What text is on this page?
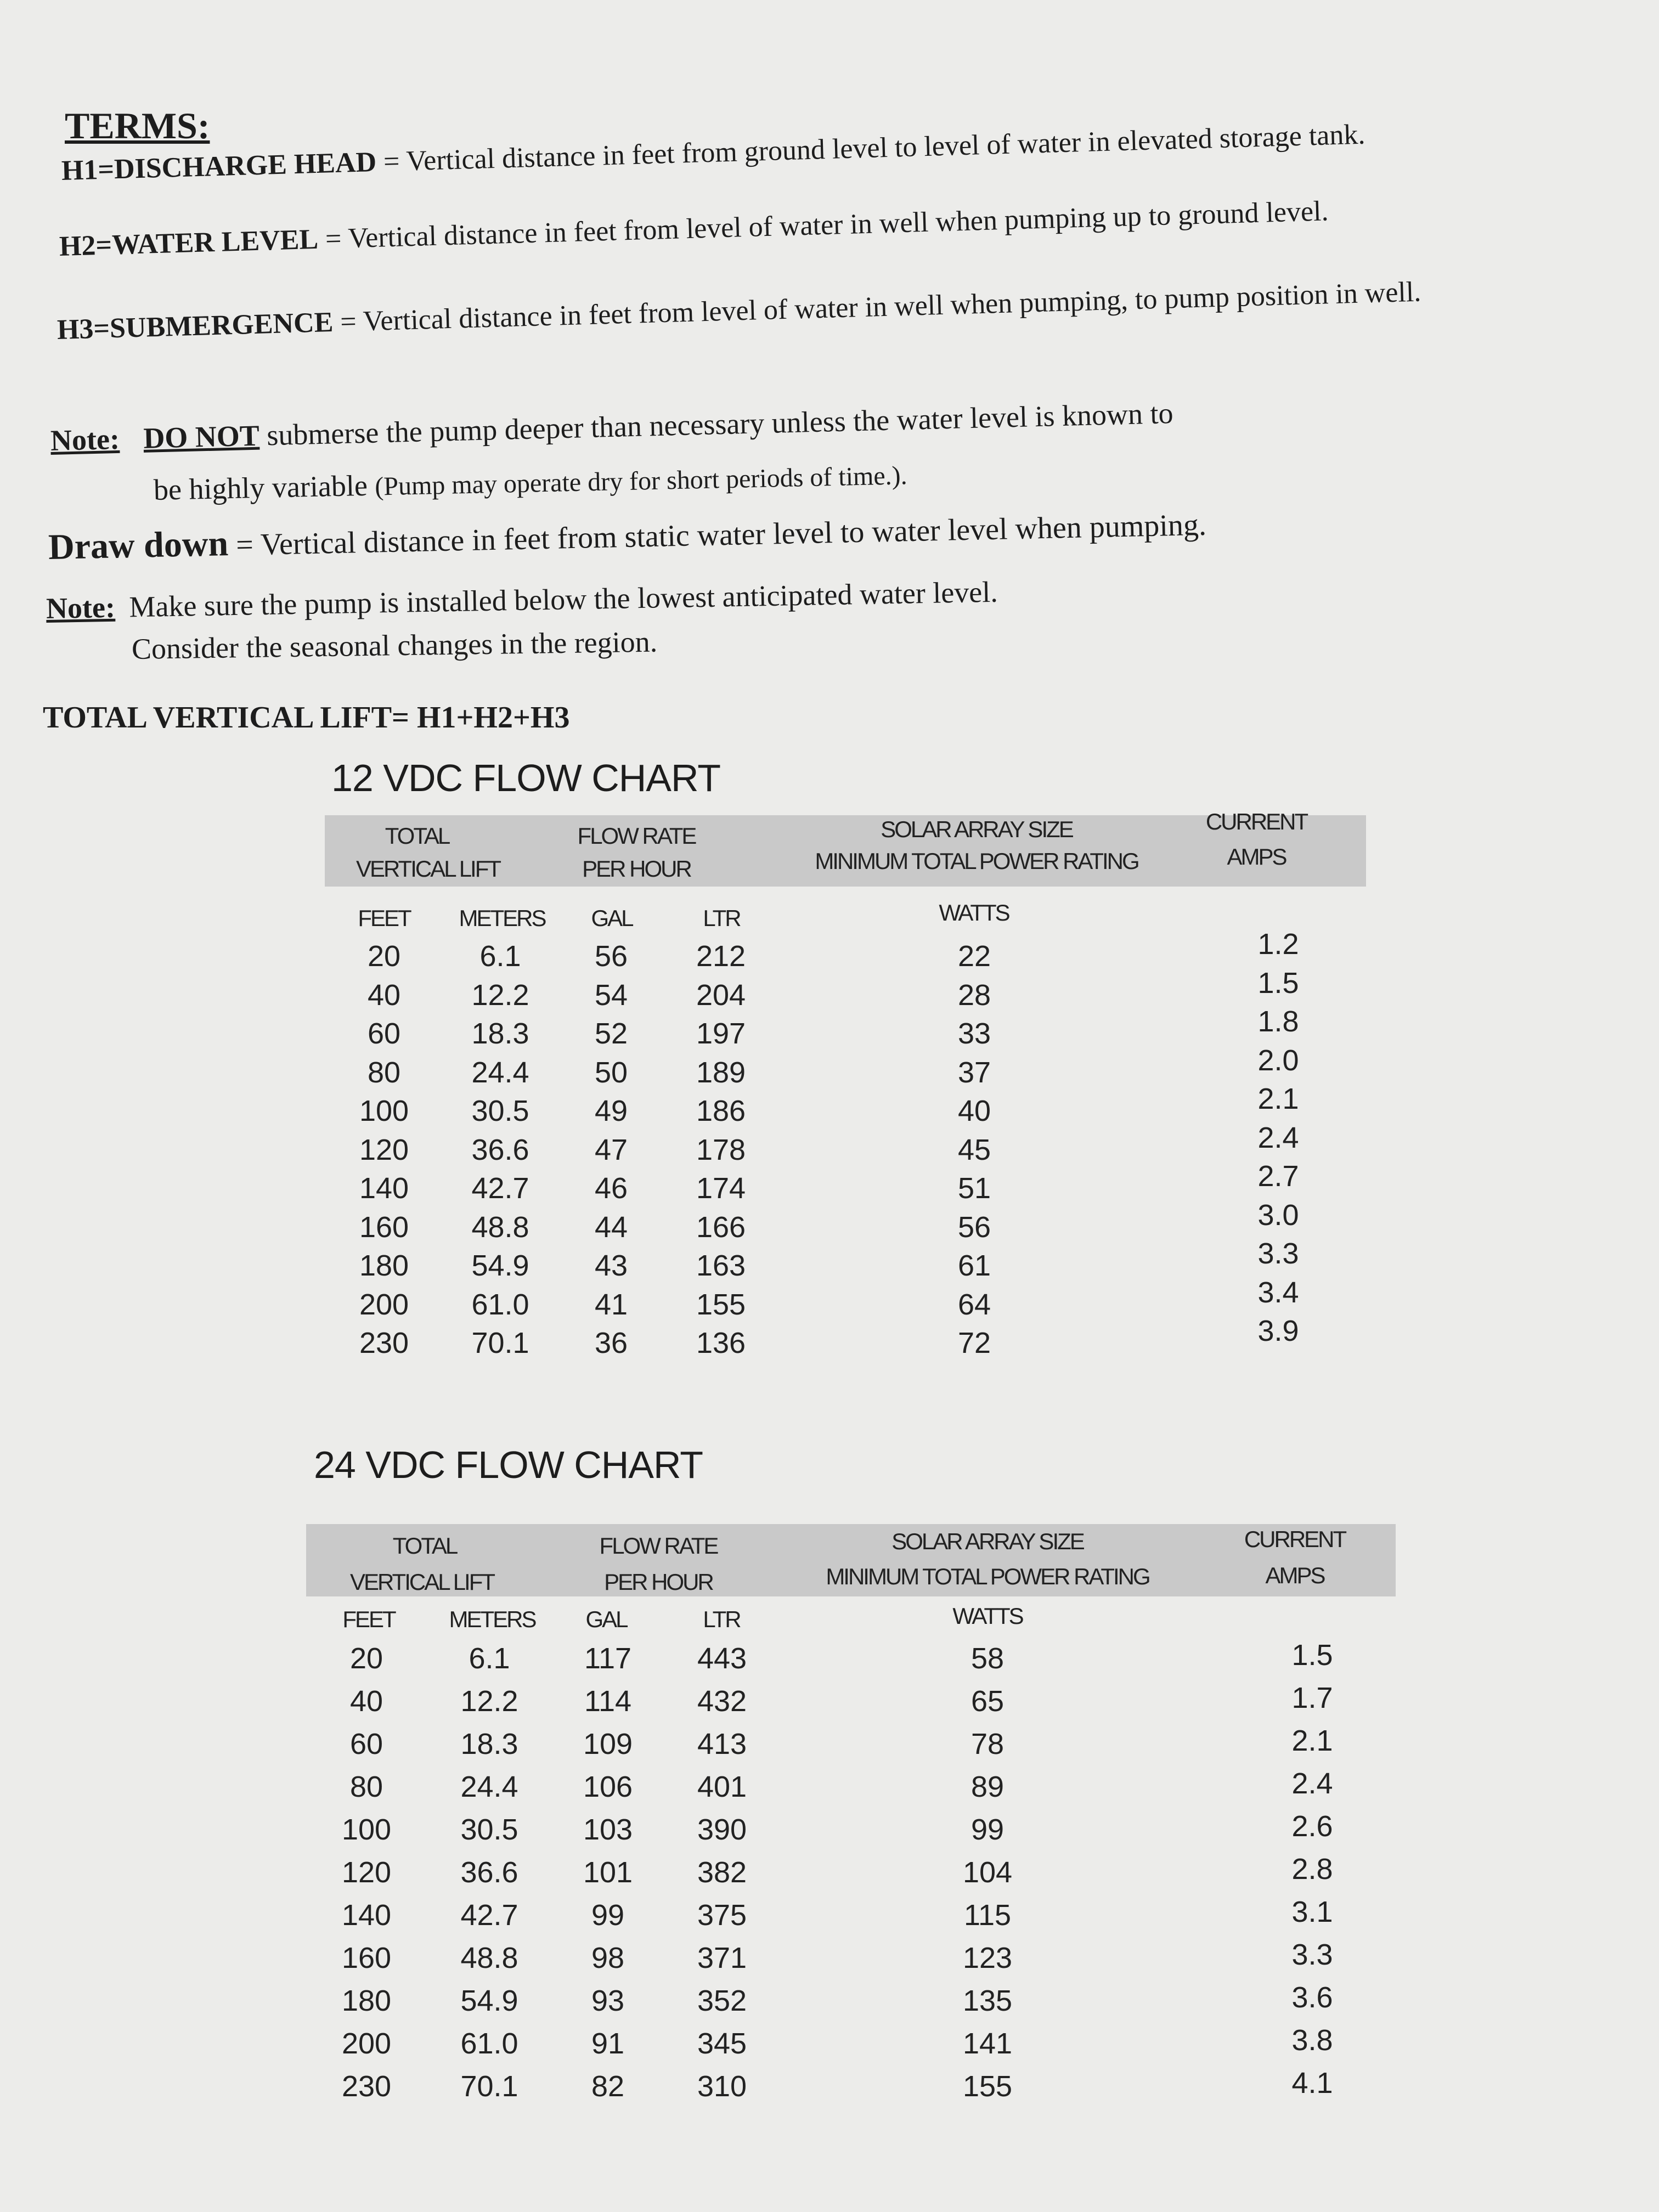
TERMS:
H1=DISCHARGE HEAD = Vertical distance in feet from ground level to level of water in elevated storage tank.
H2=WATER LEVEL = Vertical distance in feet from level of water in well when pumping up to ground level.
H3=SUBMERGENCE = Vertical distance in feet from level of water in well when pumping, to pump position in well.
Note: DO NOT submerse the pump deeper than necessary unless the water level is known to
be highly variable (Pump may operate dry for short periods of time.).
Draw down = Vertical distance in feet from static water level to water level when pumping.
Note: Make sure the pump is installed below the lowest anticipated water level.
Consider the seasonal changes in the region.
TOTAL VERTICAL LIFT= H1+H2+H3
12 VDC FLOW CHART
TOTAL
VERTICAL LIFT
FLOW RATE
PER HOUR
SOLAR ARRAY SIZE
MINIMUM TOTAL POWER RATING
CURRENT
AMPS
FEET	METERS	GAL	LTR	WATTS
20	6.1	56	212	22	1.2
40	12.2	54	204	28	1.5
60	18.3	52	197	33	1.8
80	24.4	50	189	37	2.0
100	30.5	49	186	40	2.1
120	36.6	47	178	45	2.4
140	42.7	46	174	51	2.7
160	48.8	44	166	56	3.0
180	54.9	43	163	61	3.3
200	61.0	41	155	64	3.4
230	70.1	36	136	72	3.9
24 VDC FLOW CHART
TOTAL
VERTICAL LIFT
FLOW RATE
PER HOUR
SOLAR ARRAY SIZE
MINIMUM TOTAL POWER RATING
CURRENT
AMPS
FEET	METERS	GAL	LTR	WATTS
20	6.1	117	443	58	1.5
40	12.2	114	432	65	1.7
60	18.3	109	413	78	2.1
80	24.4	106	401	89	2.4
100	30.5	103	390	99	2.6
120	36.6	101	382	104	2.8
140	42.7	99	375	115	3.1
160	48.8	98	371	123	3.3
180	54.9	93	352	135	3.6
200	61.0	91	345	141	3.8
230	70.1	82	310	155	4.1
